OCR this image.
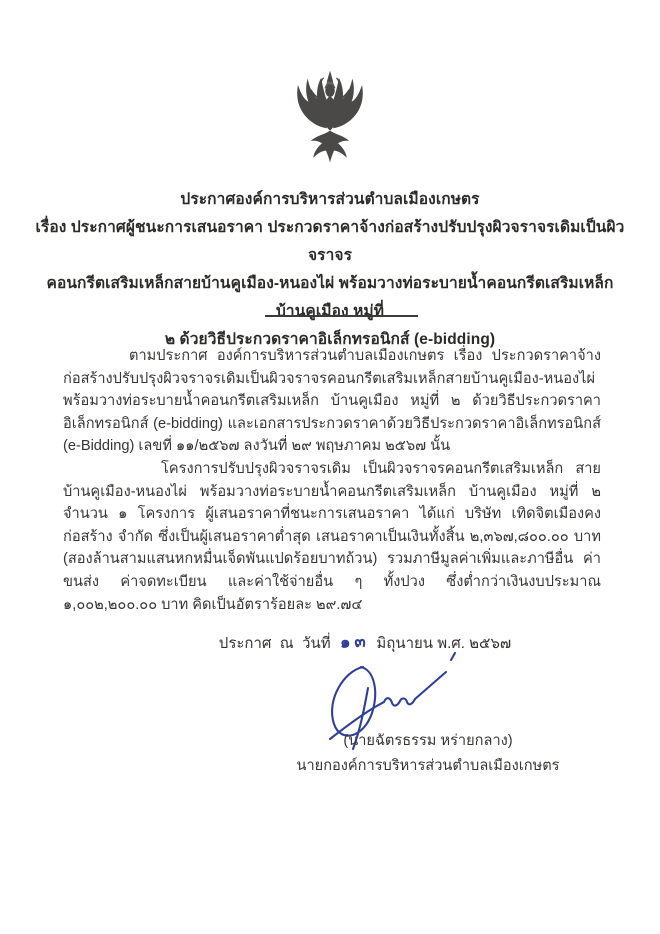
ประกาศองค์การบริหารส่วนตำบลเมืองเกษตร
เรื่อง ประกาศผู้ชนะการเสนอราคา ประกวดราคาจ้างก่อสร้างปรับปรุงผิวจราจรเดิมเป็นผิวจราจร
คอนกรีตเสริมเหล็กสายบ้านคูเมือง-หนองไผ่ พร้อมวางท่อระบายน้ำคอนกรีตเสริมเหล็ก บ้านคูเมือง หมู่ที่
๒ ด้วยวิธีประกวดราคาอิเล็กทรอนิกส์ (e-bidding)

ตามประกาศ องค์การบริหารส่วนตำบลเมืองเกษตร เรื่อง ประกวดราคาจ้างก่อสร้างปรับปรุงผิวจราจรเดิมเป็นผิวจราจรคอนกรีตเสริมเหล็กสายบ้านคูเมือง-หนองไผ่ พร้อมวางท่อระบายน้ำคอนกรีตเสริมเหล็ก บ้านคูเมือง หมู่ที่ ๒ ด้วยวิธีประกวดราคาอิเล็กทรอนิกส์ (e-bidding) และเอกสารประกวดราคาด้วยวิธีประกวดราคาอิเล็กทรอนิกส์ (e-Bidding) เลขที่ ๑๑/๒๕๖๗ ลงวันที่ ๒๙ พฤษภาคม ๒๕๖๗ นั้น

โครงการปรับปรุงผิวจราจรเดิม เป็นผิวจราจรคอนกรีตเสริมเหล็ก สายบ้านคูเมือง-หนองไผ่ พร้อมวางท่อระบายน้ำคอนกรีตเสริมเหล็ก บ้านคูเมือง หมู่ที่ ๒ จำนวน ๑ โครงการ ผู้เสนอราคาที่ชนะการเสนอราคา ได้แก่ บริษัท เทิดจิตเมืองคงก่อสร้าง จำกัด ซึ่งเป็นผู้เสนอราคาต่ำสุด เสนอราคาเป็นเงินทั้งสิ้น ๒,๓๖๗,๘๐๐.๐๐ บาท (สองล้านสามแสนหกหมื่นเจ็ดพันแปดร้อยบาทถ้วน) รวมภาษีมูลค่าเพิ่มและภาษีอื่น ค่าขนส่ง ค่าจดทะเบียน และค่าใช้จ่ายอื่น ๆ ทั้งปวง ซึ่งต่ำกว่าเงินงบประมาณ ๑,๐๐๒,๒๐๐.๐๐ บาท คิดเป็นอัตราร้อยละ ๒๙.๗๔

ประกาศ  ณ  วันที่ ๑๓ มิถุนายน พ.ศ. ๒๕๖๗
(นายฉัตรธรรม หร่ายกลาง)
นายกองค์การบริหารส่วนตำบลเมืองเกษตร
